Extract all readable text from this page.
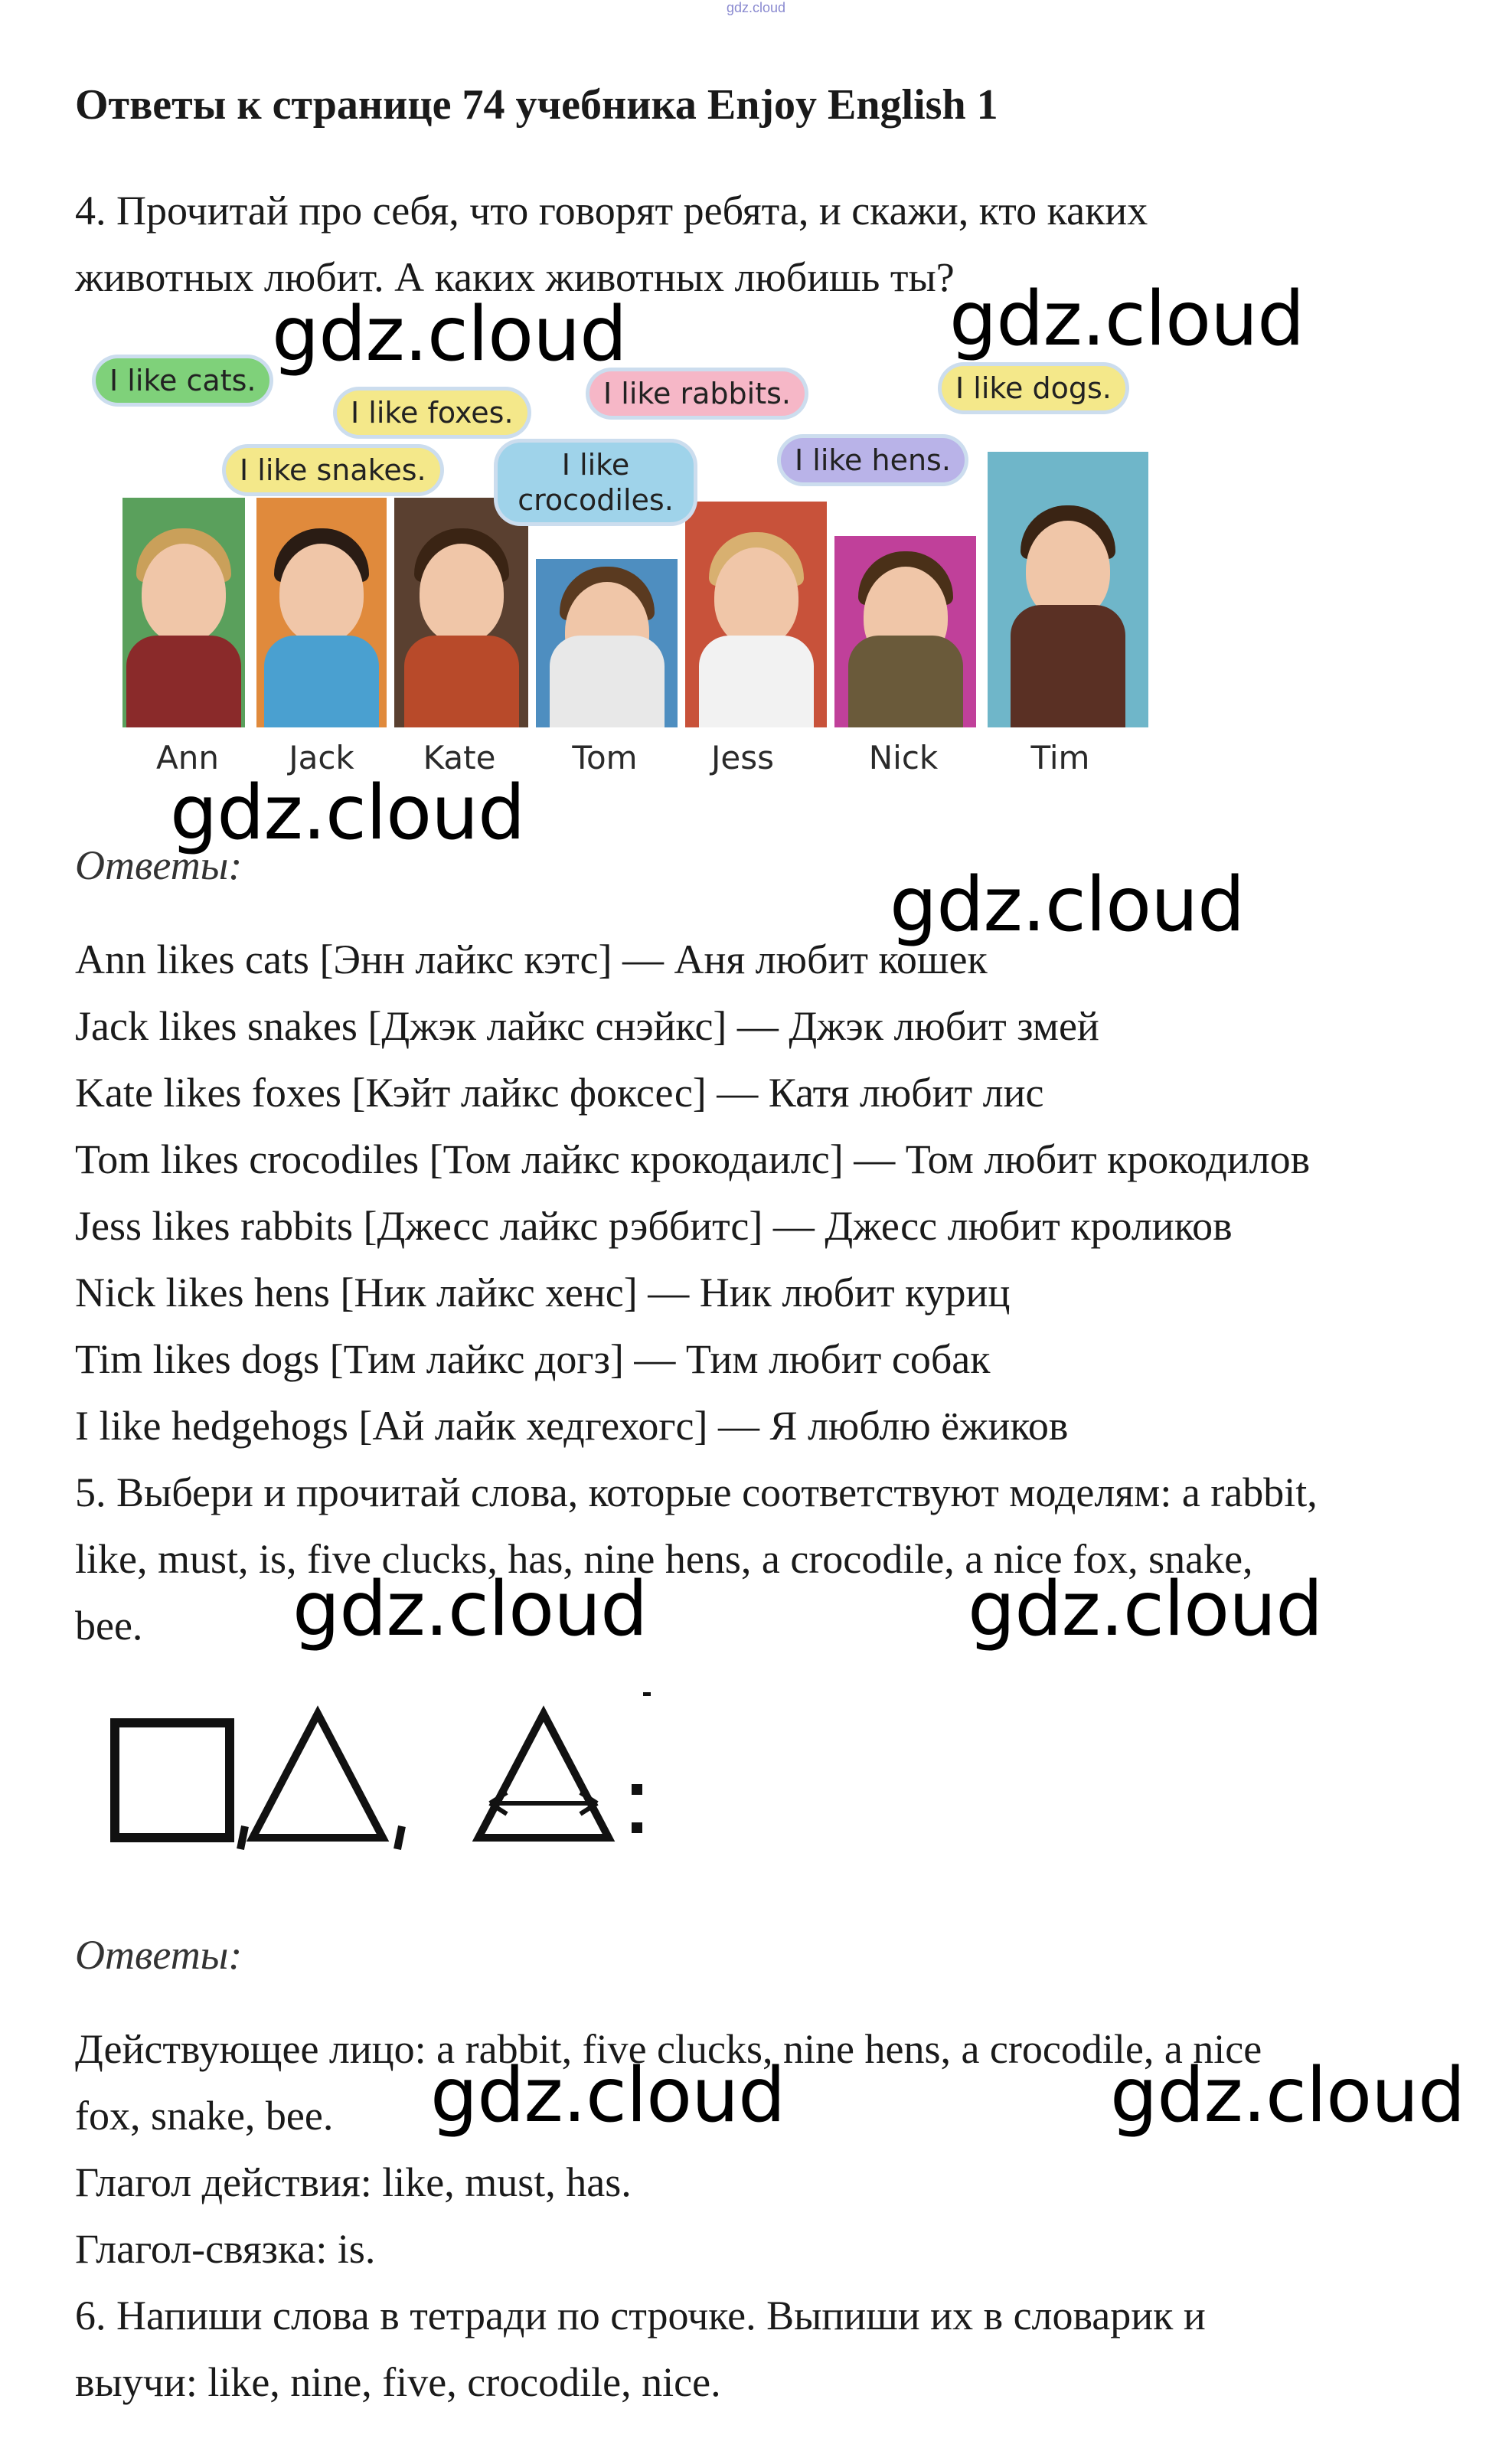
gdz.cloud
Ответы к странице 74 учебника Enjoy English 1
4. Прочитай про себя, что говорят ребята, и скажи, кто каких
животных любит. А каких животных любишь ты?
I like cats.
I like snakes.
I like foxes.
I like crocodiles.
I like rabbits.
I like hens.
I like dogs.
Ann	Jack	Kate	Tom	Jess	Nick	Tim
Ответы:
Ann likes cats [Энн лайкс кэтс] — Аня любит кошек
Jack likes snakes [Джэк лайкс снэйкс] — Джэк любит змей
Kate likes foxes [Кэйт лайкс фоксес] — Катя любит лис
Tom likes crocodiles [Том лайкс крокодаилс] — Том любит крокодилов
Jess likes rabbits [Джесс лайкс рэббитс] — Джесс любит кроликов
Nick likes hens [Ник лайкс хенс] — Ник любит куриц
Tim likes dogs [Тим лайкс догз] — Тим любит собак
I like hedgehogs [Ай лайк хедгехогс] — Я люблю ёжиков
5. Выбери и прочитай слова, которые соответствуют моделям: a rabbit,
like, must, is, five clucks, has, nine hens, a crocodile, a nice fox, snake,
bee.
Ответы:
Действующее лицо: a rabbit, five clucks, nine hens, a crocodile, a nice
fox, snake, bee.
Глагол действия: like, must, has.
Глагол-связка: is.
6. Напиши слова в тетради по строчке. Выпиши их в словарик и
выучи: like, nine, five, crocodile, nice.
gdz.cloud	gdz.cloud
gdz.cloud
gdz.cloud
gdz.cloud	gdz.cloud
gdz.cloud	gdz.cloud
